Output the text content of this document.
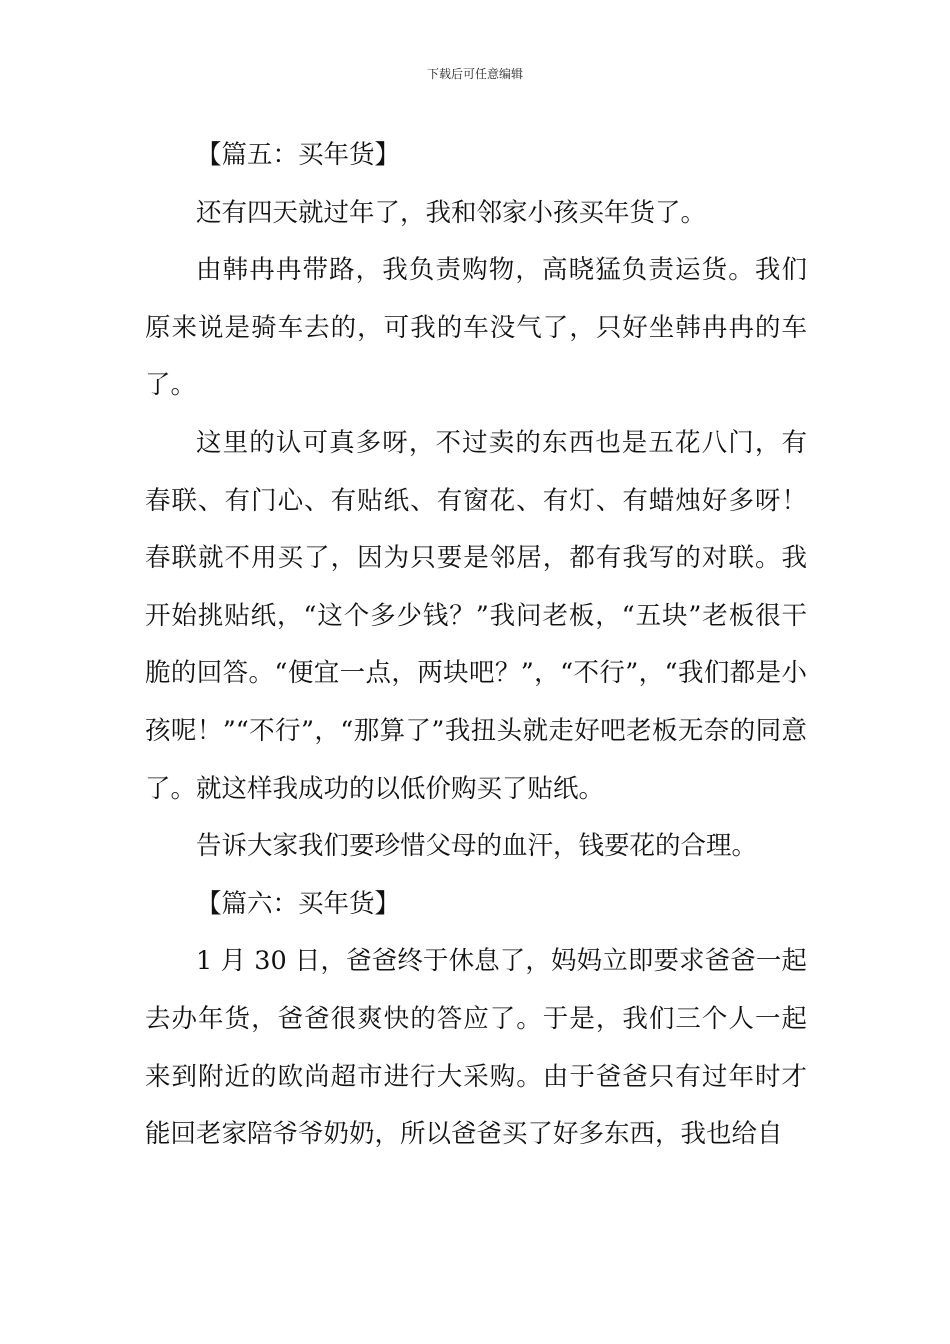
下载后可任意编辑

【篇五：买年货】

还有四天就过年了，我和邻家小孩买年货了。

由韩冉冉带路，我负责购物，高晓猛负责运货。我们原来说是骑车去的，可我的车没气了，只好坐韩冉冉的车了。

这里的认可真多呀，不过卖的东西也是五花八门，有春联、有门心、有贴纸、有窗花、有灯、有蜡烛好多呀！春联就不用买了，因为只要是邻居，都有我写的对联。我开始挑贴纸，“这个多少钱？”我问老板，“五块”老板很干脆的回答。“便宜一点，两块吧？”，“不行”，“我们都是小孩呢！”“不行”，“那算了”我扭头就走好吧老板无奈的同意了。就这样我成功的以低价购买了贴纸。

告诉大家我们要珍惜父母的血汗，钱要花的合理。

【篇六：买年货】

1 月 30 日，爸爸终于休息了，妈妈立即要求爸爸一起去办年货，爸爸很爽快的答应了。于是，我们三个人一起来到附近的欧尚超市进行大采购。由于爸爸只有过年时才能回老家陪爷爷奶奶，所以爸爸买了好多东西，我也给自
